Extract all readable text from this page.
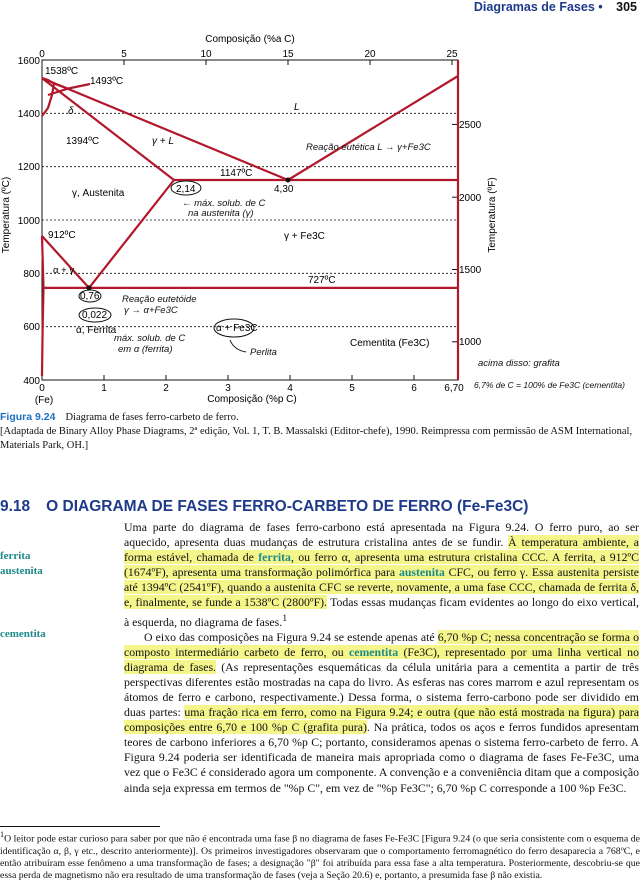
Diagramas de Fases • 305
Composição (%a C)
0	5	10	15	20	25
0	1	2	3	4	5	6	6,70
(Fe)	Composição (%p C)
400
600
800
1000
1200
1400
1600
Temperatura (ºC)
1000
1500
2000
2500
Temperatura (ºF)
1538ºC
1493ºC
δ
1394ºC	γ + L
L
1147ºC
2,14	4,30
γ, Austenita
912ºC	γ + Fe3C
α + γ
727ºC
0,76
0,022
α, Ferrita	α + Fe3C
Cementita (Fe3C)
Reação eutética L → γ+Fe3C
← máx. solub. de C
na austenita (γ)
Reação eutetóide
γ → α+Fe3C
máx. solub. de C
em α (ferrita)	Perlita
acima disso: grafita
6,7% de C = 100% de Fe3C (cementita)
Figura 9.24 Diagrama de fases ferro-carbeto de ferro.
[Adaptada de Binary Alloy Phase Diagrams, 2ª edição, Vol. 1, T. B. Massalski (Editor-chefe), 1990. Reimpressa com permissão de ASM International, Materials Park, OH.]
9.18 O DIAGRAMA DE FASES FERRO-CARBETO DE FERRO (Fe-Fe3C)
ferrita
austenita
cementita

Uma parte do diagrama de fases ferro-carbono está apresentada na Figura 9.24. O ferro puro, ao ser aquecido, apresenta duas mudanças de estrutura cristalina antes de se fundir. À temperatura ambiente, a forma estável, chamada de ferrita, ou ferro α, apresenta uma estrutura cristalina CCC. A ferrita, a 912ºC (1674ºF), apresenta uma transformação polimórfica para austenita CFC, ou ferro γ. Essa austenita persiste até 1394ºC (2541ºF), quando a austenita CFC se reverte, novamente, a uma fase CCC, chamada de ferrita δ, e, finalmente, se funde a 1538ºC (2800ºF). Todas essas mudanças ficam evidentes ao longo do eixo vertical, à esquerda, no diagrama de fases.$^1$

O eixo das composições na Figura 9.24 se estende apenas até 6,70 %p C; nessa concentração se forma o composto intermediário carbeto de ferro, ou cementita (Fe3C), representado por uma linha vertical no diagrama de fases. (As representações esquemáticas da célula unitária para a cementita a partir de três perspectivas diferentes estão mostradas na capa do livro. As esferas nas cores marrom e azul representam os átomos de ferro e carbono, respectivamente.) Dessa forma, o sistema ferro-carbono pode ser dividido em duas partes: uma fração rica em ferro, como na Figura 9.24; e outra (que não está mostrada na figura) para composições entre 6,70 e 100 %p C (grafita pura). Na prática, todos os aços e ferros fundidos apresentam teores de carbono inferiores a 6,70 %p C; portanto, consideramos apenas o sistema ferro-carbeto de ferro. A Figura 9.24 poderia ser identificada de maneira mais apropriada como o diagrama de fases Fe-Fe3C, uma vez que o Fe3C é considerado agora um componente. A convenção e a conveniência ditam que a composição ainda seja expressa em termos de "%p C", em vez de "%p Fe3C"; 6,70 %p C corresponde a 100 %p Fe3C.

$^1$O leitor pode estar curioso para saber por que não é encontrada uma fase β no diagrama de fases Fe-Fe3C [Figura 9.24 (o que seria consistente com o esquema de identificação α, β, γ etc., descrito anteriormente)]. Os primeiros investigadores observaram que o comportamento ferromagnético do ferro desaparecia a 768ºC, e então atribuíram esse fenômeno a uma transformação de fases; a designação "β" foi atribuída para essa fase a alta temperatura. Posteriormente, descobriu-se que essa perda de magnetismo não era resultado de uma transformação de fases (veja a Seção 20.6) e, portanto, a presumida fase β não existia.
